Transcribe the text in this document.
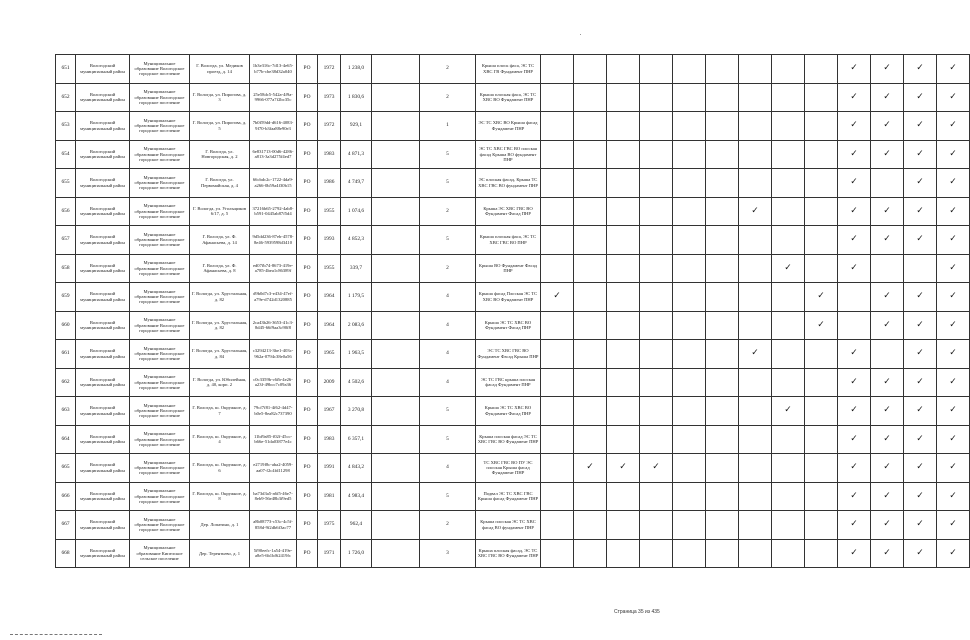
651	Вологодский муниципальный район	Муниципальное образование Вологодское городское поселение	Г. Вологда, ул. Медиков проезд, д. 14	1b3e316c-7d13-4e65-b77b-cbe38d32a040	РО	1972	1 238,0		2	Крыша плоск фаса, ЭС ТС ХВС ГВ Фундамент ПНР										✓	✓	✓	✓
652	Вологодский муниципальный район	Муниципальное образование Вологодское городское поселение	Г. Вологда, ул. Пирогова, д. 3	25e58dc5-542a-4f9a-9966-077a7f2bc35c	РО	1973	1 830,6		2	Крыша плоская фаса, ЭС ТС ХВС ВО Фундамент ПНР										✓	✓	✓	✓
653	Вологодский муниципальный район	Муниципальное образование Вологодское городское поселение	Г. Вологда, ул. Пирогова, д. 5	7b0f59dd-d616-4083-9f70-b3faa88e90e3	РО	1972	929,1		1	ЭС ТС ХВС ВО Крыша фасад Фундамент ПНР										✓	✓	✓	✓
654	Вологодский муниципальный район	Муниципальное образование Вологодское городское поселение	Г. Вологда, ул. Новгородская, д. 2	6e831713-00d6-4286-a813-3a3d275f4ed7	РО	1983	4 871,3		5	ЭС ТС ХВС ГВС ВО плоская фасад Крыша ВО фундамент ПНР										✓	✓	✓	✓
655	Вологодский муниципальный район	Муниципальное образование Вологодское городское поселение	Г. Вологда, ул. Первомайская, д. 4	66cbdc2c-1722-4da9-a266-0b59a4f30b15	РО	1986	4 749,7		5	ЭС плоская фасад, Крыша ТС ХВС ГВС ВО фундамент ПНР										✓		✓	✓
656	Вологодский муниципальный район	Муниципальное образование Вологодское городское поселение	Г. Вологда, ул. Угольщиков 6/17, д. 5	37216b65-2792-4ab8-b591-0445ab87f5d4	РО	1955	1 074,6		2	Крыша ЭС ХВС ГВС ВО Фундамент Фасад ПНР							✓			✓	✓	✓	✓
657	Вологодский муниципальный район	Муниципальное образование Вологодское городское поселение	Г. Вологда, ул. Ф. Афанасьева, д. 14	9d5dd236-87eb-4578-8e46-5939598d3410	РО	1993	4 852,3		5	Крыша плоская фаса, ЭС ТС ХВС ГВС ВО ПНР										✓	✓	✓	✓
658	Вологодский муниципальный район	Муниципальное образование Вологодское городское поселение	Г. Вологда, ул. Ф. Афанасьева, д. 8	ed07fb74-8673-419e-a785-4bea1c86389f	РО	1955	339,7		2	Крыша ВО Фундамент Фасад ПНР								✓		✓			✓
659	Вологодский муниципальный район	Муниципальное образование Вологодское городское поселение	Г. Вологда, ул. Хрустальная, д. 82	d9b0d7c3-e434-47ef-a79e-d742d1320885	РО	1964	1 179,5		4	Крыша фасад Плоская ЭС ТС ХВС ВО Фундамент ПНР	✓								✓		✓	✓	✓
660	Вологодский муниципальный район	Муниципальное образование Вологодское городское поселение	Г. Вологда, ул. Хрустальная, д. 82	2ca43b26-3653-41c3-8d45-66f9aa3c90f8	РО	1964	2 083,6		4	Крыша ЭС ТС ХВС ВО Фундамент Фасад ПНР									✓		✓	✓	✓
661	Вологодский муниципальный район	Муниципальное образование Вологодское городское поселение	Г. Вологда, ул. Хрустальная, д. 84	c3294213-3be1-403c-962a-0794c38e0a56	РО	1965	1 963,5		4	ЭС ТС ХВС ГВС ВО Фундамент Фасад Крыша ПНР							✓			✓		✓	✓
662	Вологодский муниципальный район	Муниципальное образование Вологодское городское поселение	Г. Вологда, ул. Юбилейная, д. 40, корп. 2	c0c3359b-c6fb-4e26-a23f-49bcc7c09a36	РО	2009	4 502,6		4	ЭС ТС ГВС крыша плоская фасад Фундамент ПНР										✓	✓	✓	✓
663	Вологодский муниципальный район	Муниципальное образование Вологодское городское поселение	Г. Вологда, ш. Окружное, д. 7	79cf7f81-4f62-4d47-b0e5-8ea82c737390	РО	1967	3 270,8		5	Крыша ЭС ТС ХВС ВО Фундамент Фасад ПНР								✓		✓	✓	✓	✓
664	Вологодский муниципальный район	Муниципальное образование Вологодское городское поселение	Г. Вологда, ш. Окружное, д. 4	11bf9a85-f02f-45cc-b66e-51da03877e4c	РО	1983	6 357,1		5	Крыша плоская фасад ЭС ТС ХВС ГВС ВО Фундамент ПНР										✓	✓	✓	✓
665	Вологодский муниципальный район	Муниципальное образование Вологодское городское поселение	Г. Вологда, ш. Окружное, д. 6	e2719f8c-aba2-4059-aa07-f2c4fd11298	РО	1991	4 843,2		4	ТС ХВС ГВС ВО ПУ ЭС плоская Крыша фасад Фундамент ПНР		✓	✓	✓						✓	✓	✓	✓
666	Вологодский муниципальный район	Муниципальное образование Вологодское городское поселение	Г. Вологда, ш. Окружное, д. 8	ba73d3a5-a6f5-46e7-8eb9-56e48b3f9ed5	РО	1981	4 983,4		5	Подвал ЭС ТС ХВС ГВС Крыша фасад Фундамент ПНР										✓	✓	✓	✓
667	Вологодский муниципальный район	Муниципальное образование Вологодское городское поселение	Дер. Лопатино, д. 1	a8b08773-c53c-4c5f-858d-9f2db6f3ac77	РО	1975	962,4		2	Крыша плоская ЭС ТС ХВС фасад ВО фундамент ПНР										✓	✓	✓	✓
668	Вологодский муниципальный район	Муниципальное образование Кипелское сельское поселение	Дер. Терентьево, д. 1	5f90eefc-1a54-419e-a8e5-6b1bf62419fc	РО	1971	1 726,0		3	Крыша плоская фасад, ЭС ТС ХВС ГВС ВО Фундамент ПНР										✓	✓	✓	✓
Страница 35 из 435
